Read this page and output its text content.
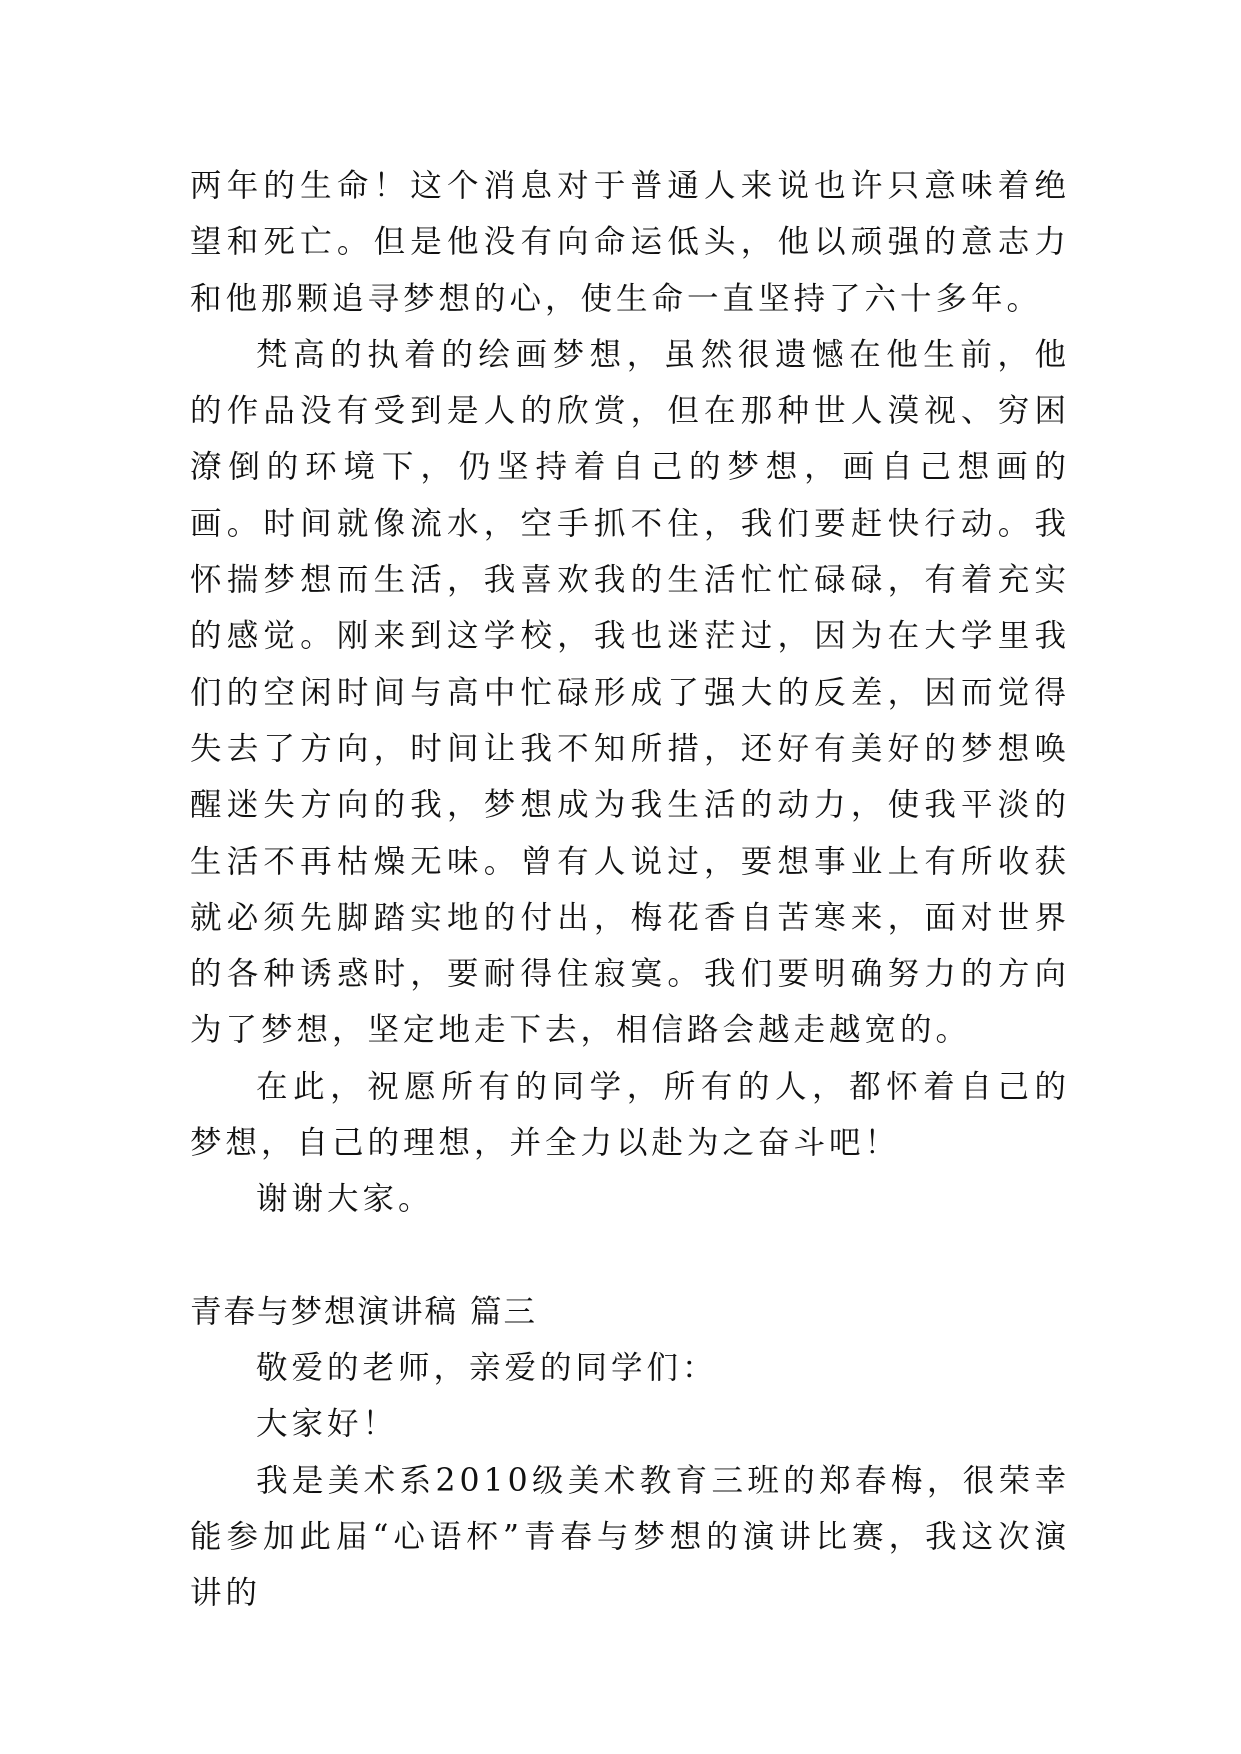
两年的生命！这个消息对于普通人来说也许只意味着绝望和死亡。但是他没有向命运低头，他以顽强的意志力和他那颗追寻梦想的心，使生命一直坚持了六十多年。

梵高的执着的绘画梦想，虽然很遗憾在他生前，他的作品没有受到是人的欣赏，但在那种世人漠视、穷困潦倒的环境下，仍坚持着自己的梦想，画自己想画的画。时间就像流水，空手抓不住，我们要赶快行动。我怀揣梦想而生活，我喜欢我的生活忙忙碌碌，有着充实的感觉。刚来到这学校，我也迷茫过，因为在大学里我们的空闲时间与高中忙碌形成了强大的反差，因而觉得失去了方向，时间让我不知所措，还好有美好的梦想唤醒迷失方向的我，梦想成为我生活的动力，使我平淡的生活不再枯燥无味。曾有人说过，要想事业上有所收获就必须先脚踏实地的付出，梅花香自苦寒来，面对世界的各种诱惑时，要耐得住寂寞。我们要明确努力的方向为了梦想，坚定地走下去，相信路会越走越宽的。

在此，祝愿所有的同学，所有的人，都怀着自己的梦想，自己的理想，并全力以赴为之奋斗吧！

谢谢大家。

青春与梦想演讲稿 篇三

敬爱的老师，亲爱的同学们：

大家好！

我是美术系2010级美术教育三班的郑春梅，很荣幸能参加此届“心语杯”青春与梦想的演讲比赛，我这次演讲的
